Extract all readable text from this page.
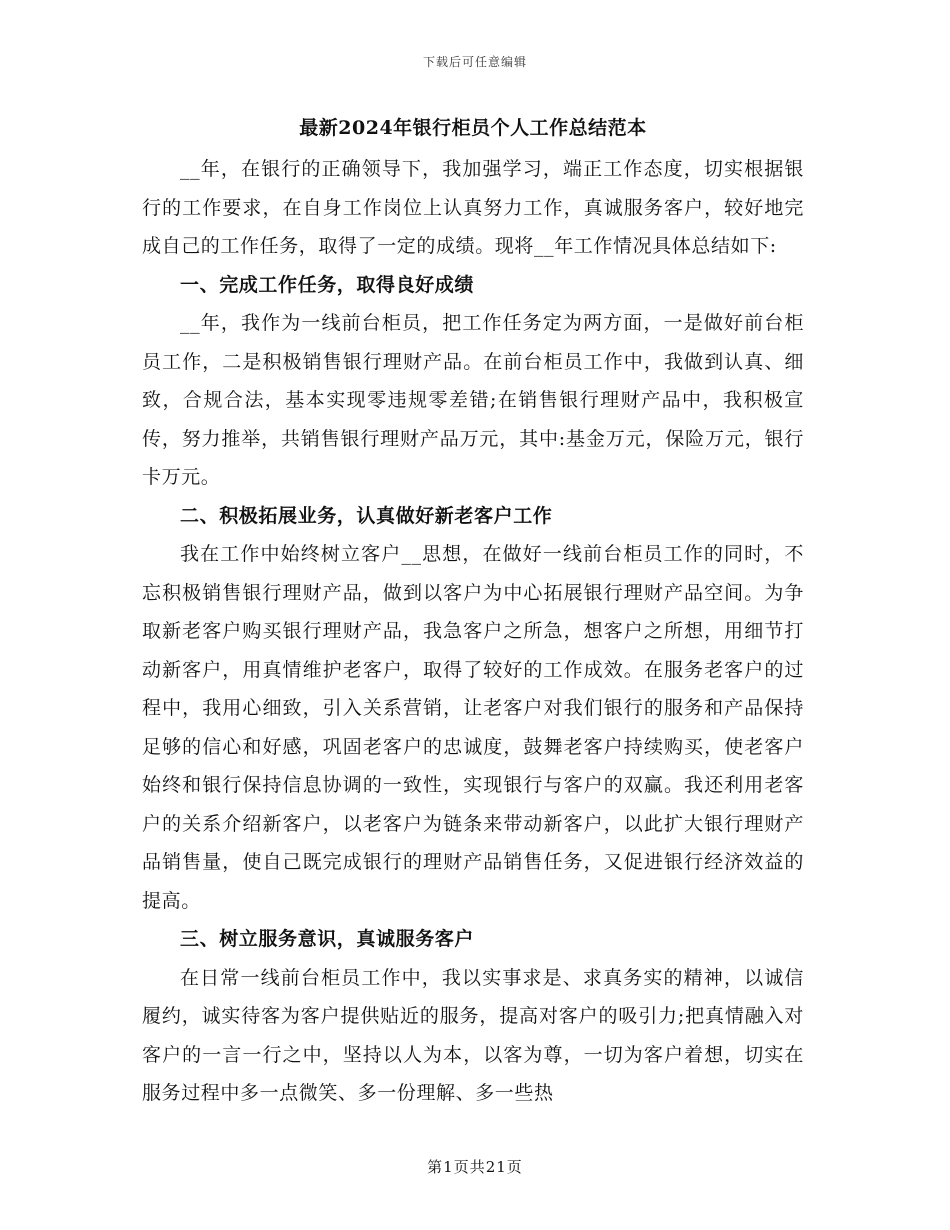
下载后可任意编辑
最新2024年银行柜员个人工作总结范本

__年，在银行的正确领导下，我加强学习，端正工作态度，切实根据银行的工作要求，在自身工作岗位上认真努力工作，真诚服务客户，较好地完成自己的工作任务，取得了一定的成绩。现将__年工作情况具体总结如下:

一、完成工作任务，取得良好成绩

__年，我作为一线前台柜员，把工作任务定为两方面，一是做好前台柜员工作，二是积极销售银行理财产品。在前台柜员工作中，我做到认真、细致，合规合法，基本实现零违规零差错;在销售银行理财产品中，我积极宣传，努力推举，共销售银行理财产品万元，其中:基金万元，保险万元，银行卡万元。

二、积极拓展业务，认真做好新老客户工作

我在工作中始终树立客户__思想，在做好一线前台柜员工作的同时，不忘积极销售银行理财产品，做到以客户为中心拓展银行理财产品空间。为争取新老客户购买银行理财产品，我急客户之所急，想客户之所想，用细节打动新客户，用真情维护老客户，取得了较好的工作成效。在服务老客户的过程中，我用心细致，引入关系营销，让老客户对我们银行的服务和产品保持足够的信心和好感，巩固老客户的忠诚度，鼓舞老客户持续购买，使老客户始终和银行保持信息协调的一致性，实现银行与客户的双赢。我还利用老客户的关系介绍新客户，以老客户为链条来带动新客户，以此扩大银行理财产品销售量，使自己既完成银行的理财产品销售任务，又促进银行经济效益的提高。

三、树立服务意识，真诚服务客户

在日常一线前台柜员工作中，我以实事求是、求真务实的精神，以诚信履约，诚实待客为客户提供贴近的服务，提高对客户的吸引力;把真情融入对客户的一言一行之中，坚持以人为本，以客为尊，一切为客户着想，切实在服务过程中多一点微笑、多一份理解、多一些热

第1页共21页
